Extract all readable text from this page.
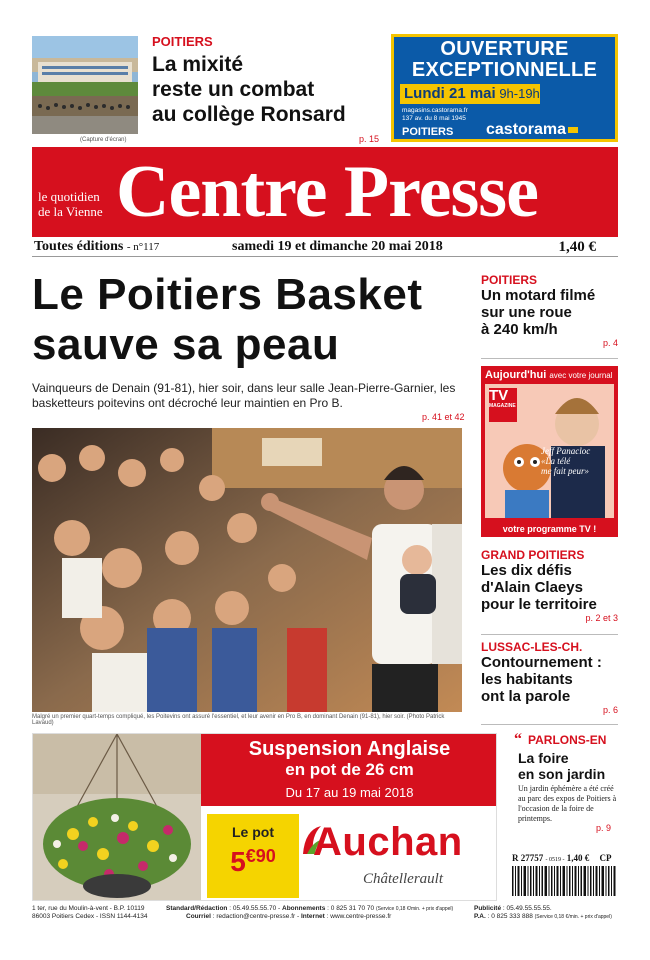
(Capture d'écran)
POITIERS
La mixité
reste un combat
au collège Ronsard
p. 15
OUVERTURE
EXCEPTIONNELLE
Lundi 21 mai 9h-19h
magasins.castorama.fr
137 av. du 8 mai 1945
POITIERS castorama
le quotidien
de la Vienne Centre Presse
Toutes éditions - n°117	samedi 19 et dimanche 20 mai 2018	1,40 €
Le Poitiers Basket
sauve sa peau
Vainqueurs de Denain (91-81), hier soir, dans leur salle Jean-Pierre-Garnier, les basketteurs poitevins ont décroché leur maintien en Pro B.
p. 41 et 42
Malgré un premier quart-temps compliqué, les Poitevins ont assuré l'essentiel, et leur avenir en Pro B, en dominant Denain (91-81), hier soir. (Photo Patrick Lavaud)
POITIERS
Un motard filmé
sur une roue
à 240 km/h
p. 4
Aujourd'hui avec votre journal
TV
MAGAZINE
Jeff Panacloc
«La télé
me fait peur»
votre programme TV !
GRAND POITIERS
Les dix défis
d'Alain Claeys
pour le territoire
p. 2 et 3
LUSSAC-LES-CH.
Contournement :
les habitants
ont la parole
p. 6
“ PARLONS-EN
La foire
en son jardin
Un jardin éphémère a été créé au parc des expos de Poitiers à l'occasion de la foire de printemps.
p. 9
Suspension Anglaise
en pot de 26 cm
Du 17 au 19 mai 2018
Le pot
$5^{€90}$ Auchan
Châtellerault
R 27757 - 0519 - 1,40 € CP
1 ter, rue du Moulin-à-vent - B.P. 10119
86003 Poitiers Cedex - ISSN 1144-4134
Standard/Rédaction : 05.49.55.55.70 - Abonnements : 0 825 31 70 70 (Service 0,18 €/min. + prix d'appel)
Courriel : redaction@centre-presse.fr - Internet : www.centre-presse.fr
Publicité : 05.49.55.55.55.
P.A. : 0 825 333 888 (Service 0,18 €/min. + prix d'appel)
